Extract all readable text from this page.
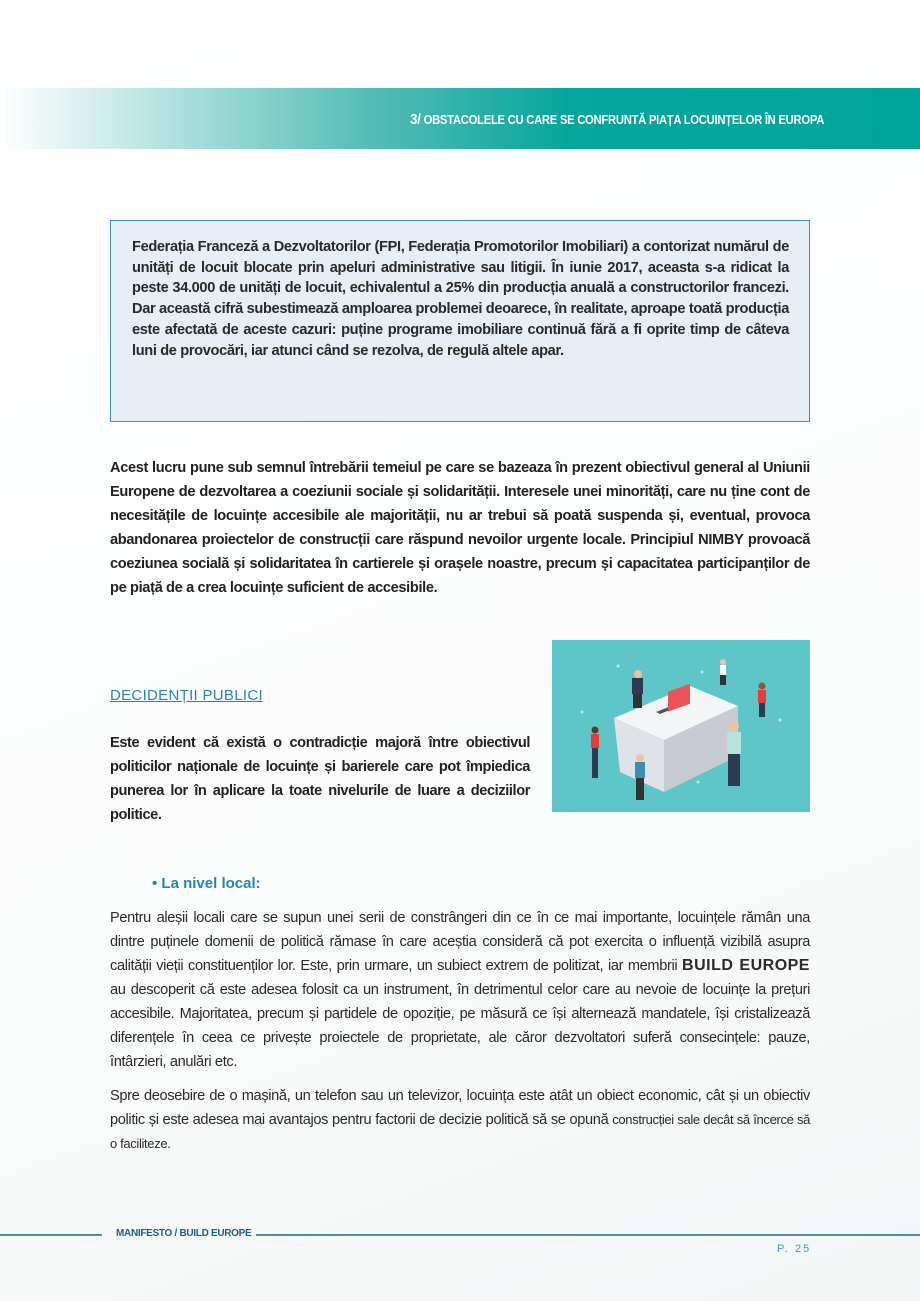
3/ OBSTACOLELE CU CARE SE CONFRUNTĂ PIAȚA LOCUINȚELOR ÎN EUROPA

Federația Franceză a Dezvoltatorilor (FPI, Federația Promotorilor Imobiliari) a contorizat numărul de unități de locuit blocate prin apeluri administrative sau litigii. În iunie 2017, aceasta s-a ridicat la peste 34.000 de unități de locuit, echivalentul a 25% din producția anuală a constructorilor francezi. Dar această cifră subestimează amploarea problemei deoarece, în realitate, aproape toată producția este afectată de aceste cazuri: puține programe imobiliare continuă fără a fi oprite timp de câteva luni de provocări, iar atunci când se rezolva, de regulă altele apar.

Acest lucru pune sub semnul întrebării temeiul pe care se bazeaza în prezent obiectivul general al Uniunii Europene de dezvoltarea a coeziunii sociale și solidarității. Interesele unei minorități, care nu ține cont de necesitățile de locuințe accesibile ale majorității, nu ar trebui să poată suspenda și, eventual, provoca abandonarea proiectelor de construcții care răspund nevoilor urgente locale. Principiul NIMBY provoacă coeziunea socială și solidaritatea în cartierele și orașele noastre, precum și capacitatea participanților de pe piață de a crea locuințe suficient de accesibile.

DECIDENȚII PUBLICI

Este evident că există o contradicție majoră între obiectivul politicilor naționale de locuințe și barierele care pot împiedica punerea lor în aplicare la toate nivelurile de luare a deciziilor politice.

• La nivel local:

Pentru aleșii locali care se supun unei serii de constrângeri din ce în ce mai importante, locuințele rămân una dintre puținele domenii de politică rămase în care aceștia consideră că pot exercita o influență vizibilă asupra calității vieții constituenților lor. Este, prin urmare, un subiect extrem de politizat, iar membrii BUILD EUROPE au descoperit că este adesea folosit ca un instrument, în detrimentul celor care au nevoie de locuințe la prețuri accesibile. Majoritatea, precum și partidele de opoziție, pe măsură ce își alternează mandatele, își cristalizează diferențele în ceea ce privește proiectele de proprietate, ale căror dezvoltatori suferă consecințele: pauze, întârzieri, anulări etc.

Spre deosebire de o mașină, un telefon sau un televizor, locuința este atât un obiect economic, cât și un obiectiv politic și este adesea mai avantajos pentru factorii de decizie politică să se opună construcției sale decât să încerce să o faciliteze.

MANIFESTO / BUILD EUROPE
P. 25
